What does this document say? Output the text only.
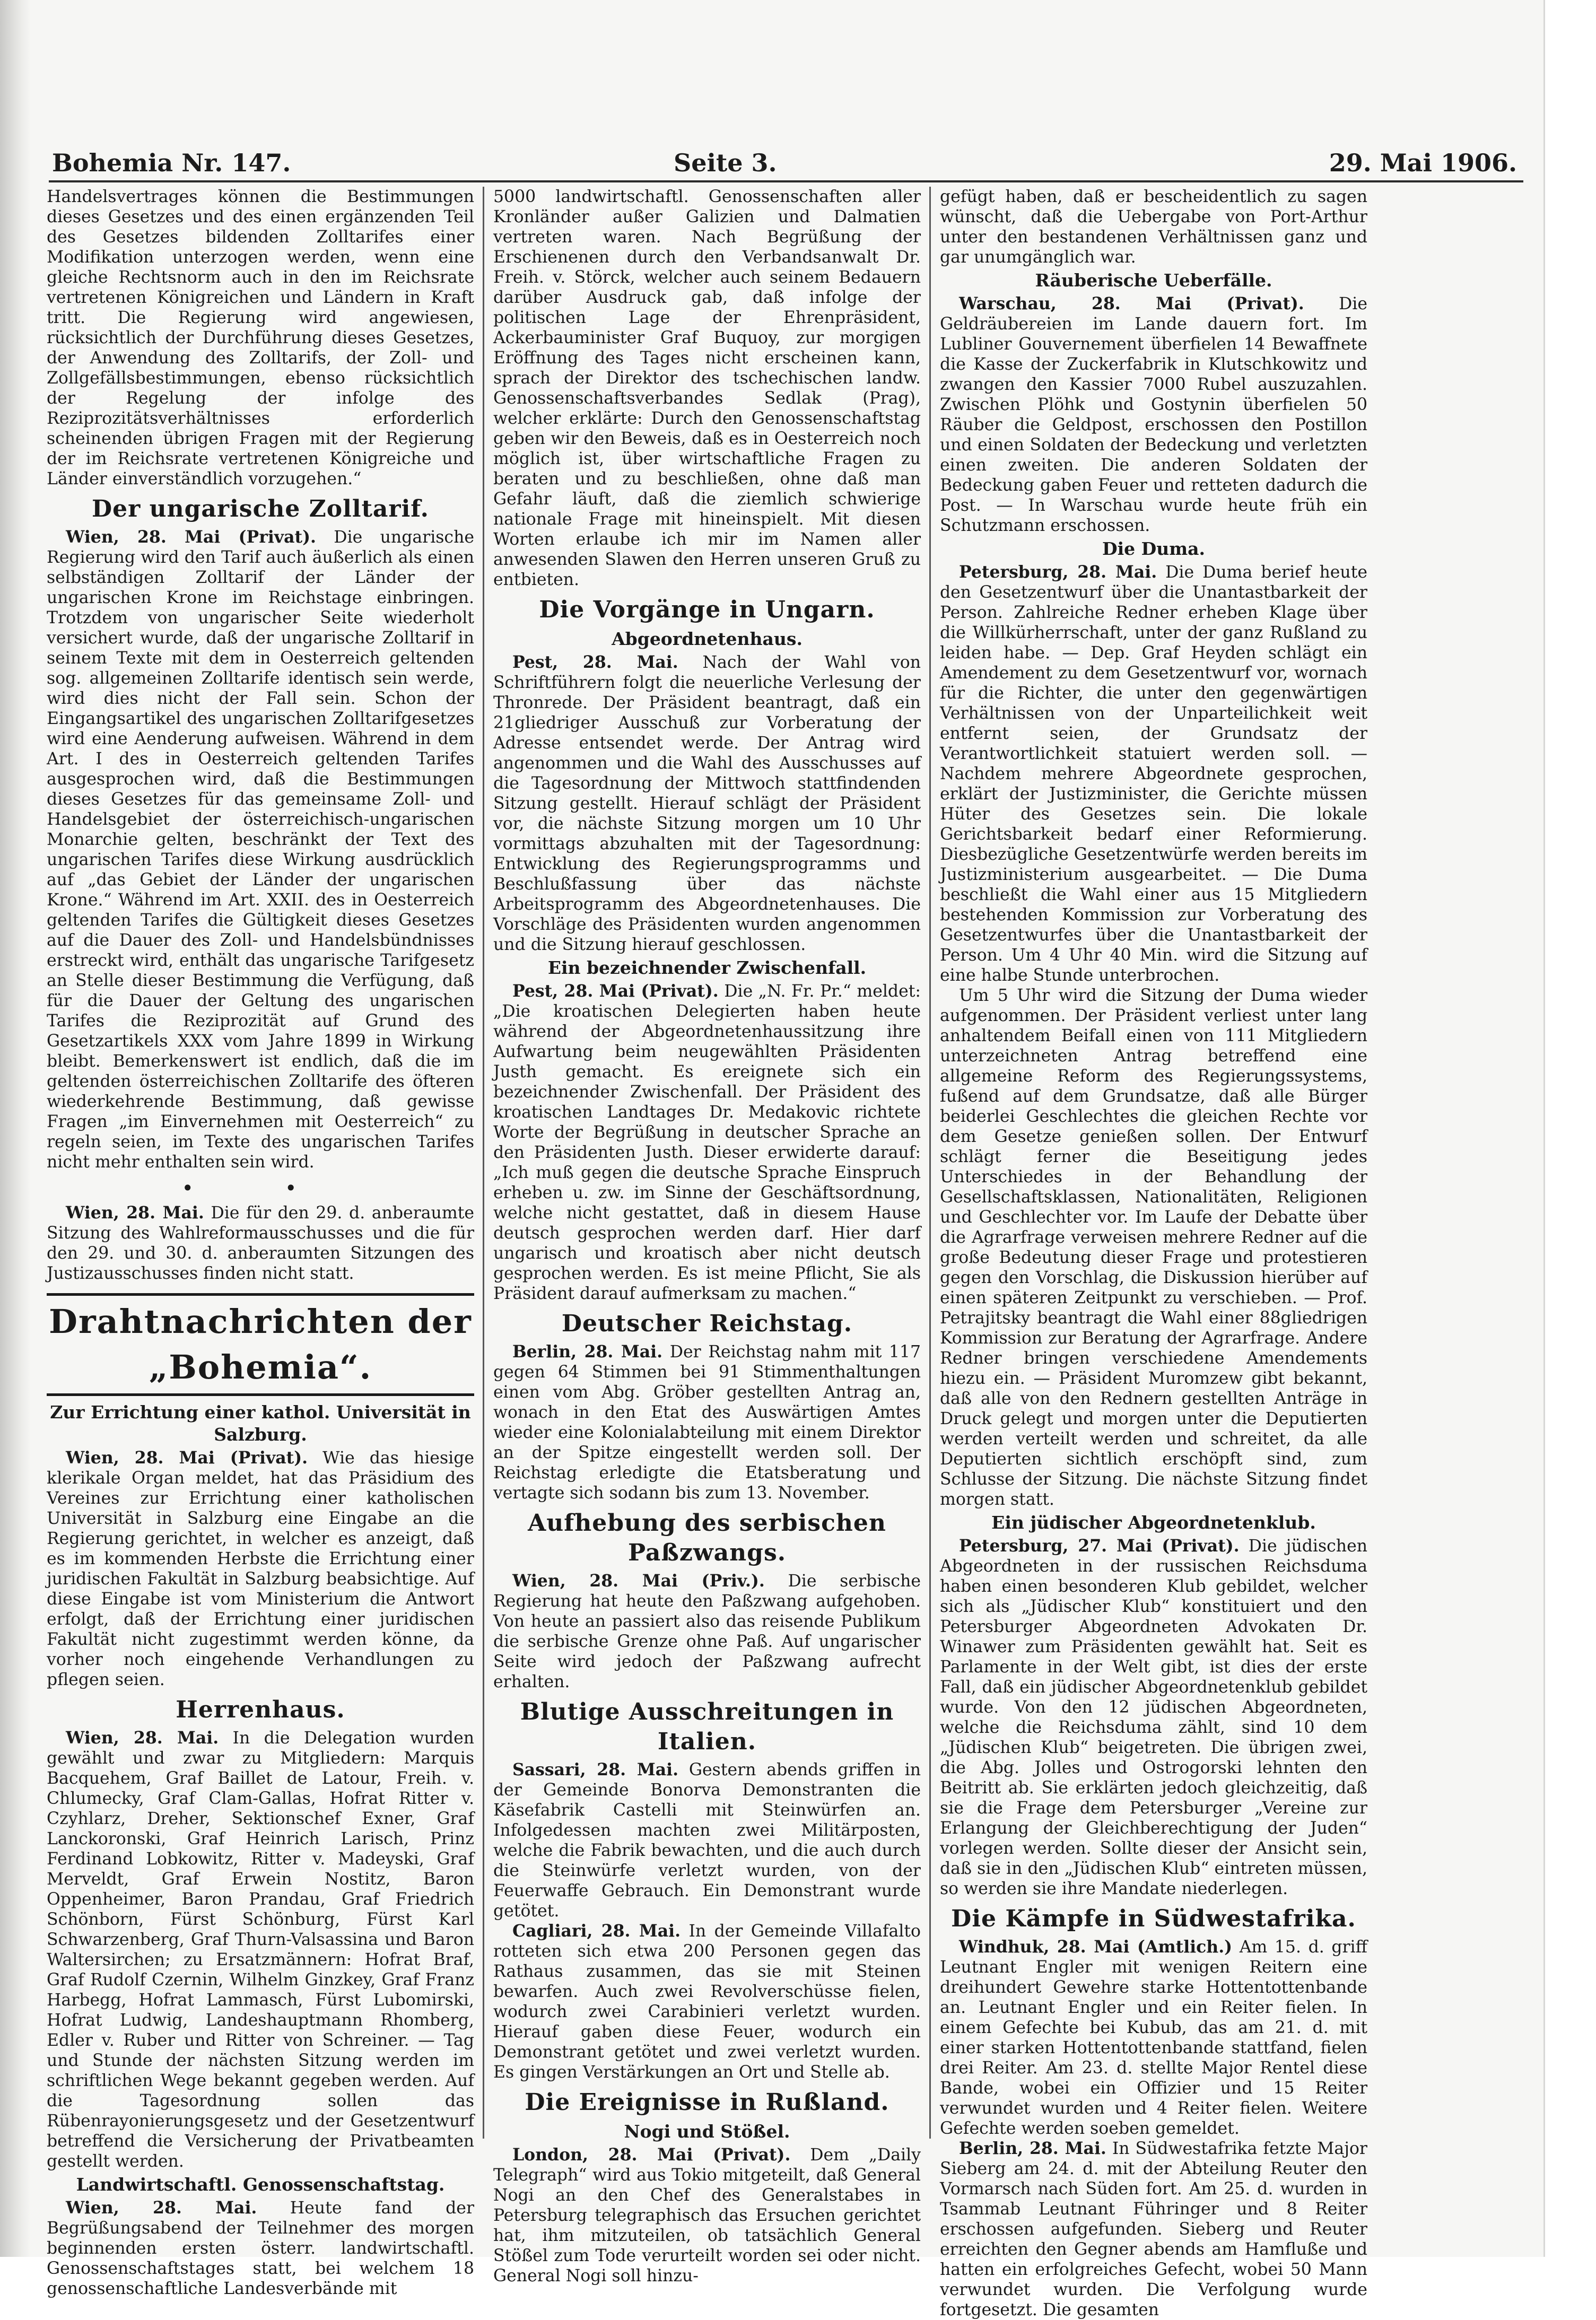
Bohemia Nr. 147.	Seite 3.	29. Mai 1906.

Handelsvertrages können die Bestimmungen dieses Gesetzes und des einen ergänzenden Teil des Gesetzes bildenden Zolltarifes einer Modifikation unterzogen werden, wenn eine gleiche Rechtsnorm auch in den im Reichsrate vertretenen Königreichen und Ländern in Kraft tritt. Die Regierung wird angewiesen, rücksichtlich der Durchführung dieses Gesetzes, der Anwendung des Zolltarifs, der Zoll- und Zollgefällsbestimmungen, ebenso rücksichtlich der Regelung der infolge des Reziprozitätsverhältnisses erforderlich scheinenden übrigen Fragen mit der Regierung der im Reichsrate vertretenen Königreiche und Länder einverständlich vorzugehen.“

Der ungarische Zolltarif.

Wien, 28. Mai (Privat). Die ungarische Regierung wird den Tarif auch äußerlich als einen selbständigen Zolltarif der Länder der ungarischen Krone im Reichstage einbringen. Trotzdem von ungarischer Seite wiederholt versichert wurde, daß der ungarische Zolltarif in seinem Texte mit dem in Oesterreich geltenden sog. allgemeinen Zolltarife identisch sein werde, wird dies nicht der Fall sein. Schon der Eingangsartikel des ungarischen Zolltarifgesetzes wird eine Aenderung aufweisen. Während in dem Art. I des in Oesterreich geltenden Tarifes ausgesprochen wird, daß die Bestimmungen dieses Gesetzes für das gemeinsame Zoll- und Handelsgebiet der österreichisch-ungarischen Monarchie gelten, beschränkt der Text des ungarischen Tarifes diese Wirkung ausdrücklich auf „das Gebiet der Länder der ungarischen Krone.“ Während im Art. XXII. des in Oesterreich geltenden Tarifes die Gültigkeit dieses Gesetzes auf die Dauer des Zoll- und Handelsbündnisses erstreckt wird, enthält das ungarische Tarifgesetz an Stelle dieser Bestimmung die Verfügung, daß für die Dauer der Geltung des ungarischen Tarifes die Reziprozität auf Grund des Gesetzartikels XXX vom Jahre 1899 in Wirkung bleibt. Bemerkenswert ist endlich, daß die im geltenden österreichischen Zolltarife des öfteren wiederkehrende Bestimmung, daß gewisse Fragen „im Einvernehmen mit Oesterreich“ zu regeln seien, im Texte des ungarischen Tarifes nicht mehr enthalten sein wird.

• •

Wien, 28. Mai. Die für den 29. d. anberaumte Sitzung des Wahlreformausschusses und die für den 29. und 30. d. anberaumten Sitzungen des Justizausschusses finden nicht statt.

Drahtnachrichten der „Bohemia“.
Zur Errichtung einer kathol. Universität in Salzburg.

Wien, 28. Mai (Privat). Wie das hiesige klerikale Organ meldet, hat das Präsidium des Vereines zur Errichtung einer katholischen Universität in Salzburg eine Eingabe an die Regierung gerichtet, in welcher es anzeigt, daß es im kommenden Herbste die Errichtung einer juridischen Fakultät in Salzburg beabsichtige. Auf diese Eingabe ist vom Ministerium die Antwort erfolgt, daß der Errichtung einer juridischen Fakultät nicht zugestimmt werden könne, da vorher noch eingehende Verhandlungen zu pflegen seien.

Herrenhaus.

Wien, 28. Mai. In die Delegation wurden gewählt und zwar zu Mitgliedern: Marquis Bacquehem, Graf Baillet de Latour, Freih. v. Chlumecky, Graf Clam-Gallas, Hofrat Ritter v. Czyhlarz, Dreher, Sektionschef Exner, Graf Lanckoronski, Graf Heinrich Larisch, Prinz Ferdinand Lobkowitz, Ritter v. Madeyski, Graf Merveldt, Graf Erwein Nostitz, Baron Oppenheimer, Baron Prandau, Graf Friedrich Schönborn, Fürst Schönburg, Fürst Karl Schwarzenberg, Graf Thurn-Valsassina und Baron Waltersirchen; zu Ersatzmännern: Hofrat Braf, Graf Rudolf Czernin, Wilhelm Ginzkey, Graf Franz Harbegg, Hofrat Lammasch, Fürst Lubomirski, Hofrat Ludwig, Landeshauptmann Rhomberg, Edler v. Ruber und Ritter von Schreiner. — Tag und Stunde der nächsten Sitzung werden im schriftlichen Wege bekannt gegeben werden. Auf die Tagesordnung sollen das Rübenrayonierungsgesetz und der Gesetzentwurf betreffend die Versicherung der Privatbeamten gestellt werden.

Landwirtschaftl. Genossenschaftstag.

Wien, 28. Mai. Heute fand der Begrüßungsabend der Teilnehmer des morgen beginnenden ersten österr. landwirtschaftl. Genossenschaftstages statt, bei welchem 18 genossenschaftliche Landesverbände mit

5000 landwirtschaftl. Genossenschaften aller Kronländer außer Galizien und Dalmatien vertreten waren. Nach Begrüßung der Erschienenen durch den Verbandsanwalt Dr. Freih. v. Störck, welcher auch seinem Bedauern darüber Ausdruck gab, daß infolge der politischen Lage der Ehrenpräsident, Ackerbauminister Graf Buquoy, zur morgigen Eröffnung des Tages nicht erscheinen kann, sprach der Direktor des tschechischen landw. Genossenschaftsverbandes Sedlak (Prag), welcher erklärte: Durch den Genossenschaftstag geben wir den Beweis, daß es in Oesterreich noch möglich ist, über wirtschaftliche Fragen zu beraten und zu beschließen, ohne daß man Gefahr läuft, daß die ziemlich schwierige nationale Frage mit hineinspielt. Mit diesen Worten erlaube ich mir im Namen aller anwesenden Slawen den Herren unseren Gruß zu entbieten.

Die Vorgänge in Ungarn.
Abgeordnetenhaus.

Pest, 28. Mai. Nach der Wahl von Schriftführern folgt die neuerliche Verlesung der Thronrede. Der Präsident beantragt, daß ein 21gliedriger Ausschuß zur Vorberatung der Adresse entsendet werde. Der Antrag wird angenommen und die Wahl des Ausschusses auf die Tagesordnung der Mittwoch stattfindenden Sitzung gestellt. Hierauf schlägt der Präsident vor, die nächste Sitzung morgen um 10 Uhr vormittags abzuhalten mit der Tagesordnung: Entwicklung des Regierungsprogramms und Beschlußfassung über das nächste Arbeitsprogramm des Abgeordnetenhauses. Die Vorschläge des Präsidenten wurden angenommen und die Sitzung hierauf geschlossen.

Ein bezeichnender Zwischenfall.

Pest, 28. Mai (Privat). Die „N. Fr. Pr.“ meldet: „Die kroatischen Delegierten haben heute während der Abgeordnetenhaussitzung ihre Aufwartung beim neugewählten Präsidenten Justh gemacht. Es ereignete sich ein bezeichnender Zwischenfall. Der Präsident des kroatischen Landtages Dr. Medakovic richtete Worte der Begrüßung in deutscher Sprache an den Präsidenten Justh. Dieser erwiderte darauf: „Ich muß gegen die deutsche Sprache Einspruch erheben u. zw. im Sinne der Geschäftsordnung, welche nicht gestattet, daß in diesem Hause deutsch gesprochen werden darf. Hier darf ungarisch und kroatisch aber nicht deutsch gesprochen werden. Es ist meine Pflicht, Sie als Präsident darauf aufmerksam zu machen.“

Deutscher Reichstag.

Berlin, 28. Mai. Der Reichstag nahm mit 117 gegen 64 Stimmen bei 91 Stimmenthaltungen einen vom Abg. Gröber gestellten Antrag an, wonach in den Etat des Auswärtigen Amtes wieder eine Kolonialabteilung mit einem Direktor an der Spitze eingestellt werden soll. Der Reichstag erledigte die Etatsberatung und vertagte sich sodann bis zum 13. November.

Aufhebung des serbischen Paßzwangs.

Wien, 28. Mai (Priv.). Die serbische Regierung hat heute den Paßzwang aufgehoben. Von heute an passiert also das reisende Publikum die serbische Grenze ohne Paß. Auf ungarischer Seite wird jedoch der Paßzwang aufrecht erhalten.

Blutige Ausschreitungen in Italien.

Sassari, 28. Mai. Gestern abends griffen in der Gemeinde Bonorva Demonstranten die Käsefabrik Castelli mit Steinwürfen an. Infolgedessen machten zwei Militärposten, welche die Fabrik bewachten, und die auch durch die Steinwürfe verletzt wurden, von der Feuerwaffe Gebrauch. Ein Demonstrant wurde getötet.

Cagliari, 28. Mai. In der Gemeinde Villafalto rotteten sich etwa 200 Personen gegen das Rathaus zusammen, das sie mit Steinen bewarfen. Auch zwei Revolverschüsse fielen, wodurch zwei Carabinieri verletzt wurden. Hierauf gaben diese Feuer, wodurch ein Demonstrant getötet und zwei verletzt wurden. Es gingen Verstärkungen an Ort und Stelle ab.

Die Ereignisse in Rußland.
Nogi und Stößel.

London, 28. Mai (Privat). Dem „Daily Telegraph“ wird aus Tokio mitgeteilt, daß General Nogi an den Chef des Generalstabes in Petersburg telegraphisch das Ersuchen gerichtet hat, ihm mitzuteilen, ob tatsächlich General Stößel zum Tode verurteilt worden sei oder nicht. General Nogi soll hinzu-

gefügt haben, daß er bescheidentlich zu sagen wünscht, daß die Uebergabe von Port-Arthur unter den bestandenen Verhältnissen ganz und gar unumgänglich war.

Räuberische Ueberfälle.

Warschau, 28. Mai (Privat). Die Geldräubereien im Lande dauern fort. Im Lubliner Gouvernement überfielen 14 Bewaffnete die Kasse der Zuckerfabrik in Klutschkowitz und zwangen den Kassier 7000 Rubel auszuzahlen. Zwischen Plöhk und Gostynin überfielen 50 Räuber die Geldpost, erschossen den Postillon und einen Soldaten der Bedeckung und verletzten einen zweiten. Die anderen Soldaten der Bedeckung gaben Feuer und retteten dadurch die Post. — In Warschau wurde heute früh ein Schutzmann erschossen.

Die Duma.

Petersburg, 28. Mai. Die Duma berief heute den Gesetzentwurf über die Unantastbarkeit der Person. Zahlreiche Redner erheben Klage über die Willkürherrschaft, unter der ganz Rußland zu leiden habe. — Dep. Graf Heyden schlägt ein Amendement zu dem Gesetzentwurf vor, wornach für die Richter, die unter den gegenwärtigen Verhältnissen von der Unparteilichkeit weit entfernt seien, der Grundsatz der Verantwortlichkeit statuiert werden soll. — Nachdem mehrere Abgeordnete gesprochen, erklärt der Justizminister, die Gerichte müssen Hüter des Gesetzes sein. Die lokale Gerichtsbarkeit bedarf einer Reformierung. Diesbezügliche Gesetzentwürfe werden bereits im Justizministerium ausgearbeitet. — Die Duma beschließt die Wahl einer aus 15 Mitgliedern bestehenden Kommission zur Vorberatung des Gesetzentwurfes über die Unantastbarkeit der Person. Um 4 Uhr 40 Min. wird die Sitzung auf eine halbe Stunde unterbrochen.

Um 5 Uhr wird die Sitzung der Duma wieder aufgenommen. Der Präsident verliest unter lang anhaltendem Beifall einen von 111 Mitgliedern unterzeichneten Antrag betreffend eine allgemeine Reform des Regierungssystems, fußend auf dem Grundsatze, daß alle Bürger beiderlei Geschlechtes die gleichen Rechte vor dem Gesetze genießen sollen. Der Entwurf schlägt ferner die Beseitigung jedes Unterschiedes in der Behandlung der Gesellschaftsklassen, Nationalitäten, Religionen und Geschlechter vor. Im Laufe der Debatte über die Agrarfrage verweisen mehrere Redner auf die große Bedeutung dieser Frage und protestieren gegen den Vorschlag, die Diskussion hierüber auf einen späteren Zeitpunkt zu verschieben. — Prof. Petrajitsky beantragt die Wahl einer 88gliedrigen Kommission zur Beratung der Agrarfrage. Andere Redner bringen verschiedene Amendements hiezu ein. — Präsident Muromzew gibt bekannt, daß alle von den Rednern gestellten Anträge in Druck gelegt und morgen unter die Deputierten werden verteilt werden und schreitet, da alle Deputierten sichtlich erschöpft sind, zum Schlusse der Sitzung. Die nächste Sitzung findet morgen statt.

Ein jüdischer Abgeordnetenklub.

Petersburg, 27. Mai (Privat). Die jüdischen Abgeordneten in der russischen Reichsduma haben einen besonderen Klub gebildet, welcher sich als „Jüdischer Klub“ konstituiert und den Petersburger Abgeordneten Advokaten Dr. Winawer zum Präsidenten gewählt hat. Seit es Parlamente in der Welt gibt, ist dies der erste Fall, daß ein jüdischer Abgeordnetenklub gebildet wurde. Von den 12 jüdischen Abgeordneten, welche die Reichsduma zählt, sind 10 dem „Jüdischen Klub“ beigetreten. Die übrigen zwei, die Abg. Jolles und Ostrogorski lehnten den Beitritt ab. Sie erklärten jedoch gleichzeitig, daß sie die Frage dem Petersburger „Vereine zur Erlangung der Gleichberechtigung der Juden“ vorlegen werden. Sollte dieser der Ansicht sein, daß sie in den „Jüdischen Klub“ eintreten müssen, so werden sie ihre Mandate niederlegen.

Die Kämpfe in Südwestafrika.

Windhuk, 28. Mai (Amtlich.) Am 15. d. griff Leutnant Engler mit wenigen Reitern eine dreihundert Gewehre starke Hottentottenbande an. Leutnant Engler und ein Reiter fielen. In einem Gefechte bei Kubub, das am 21. d. mit einer starken Hottentottenbande stattfand, fielen drei Reiter. Am 23. d. stellte Major Rentel diese Bande, wobei ein Offizier und 15 Reiter verwundet wurden und 4 Reiter fielen. Weitere Gefechte werden soeben gemeldet.

Berlin, 28. Mai. In Südwestafrika fetzte Major Sieberg am 24. d. mit der Abteilung Reuter den Vormarsch nach Süden fort. Am 25. d. wurden in Tsammab Leutnant Führinger und 8 Reiter erschossen aufgefunden. Sieberg und Reuter erreichten den Gegner abends am Hamfluße und hatten ein erfolgreiches Gefecht, wobei 50 Mann verwundet wurden. Die Verfolgung wurde fortgesetzt. Die gesamten
